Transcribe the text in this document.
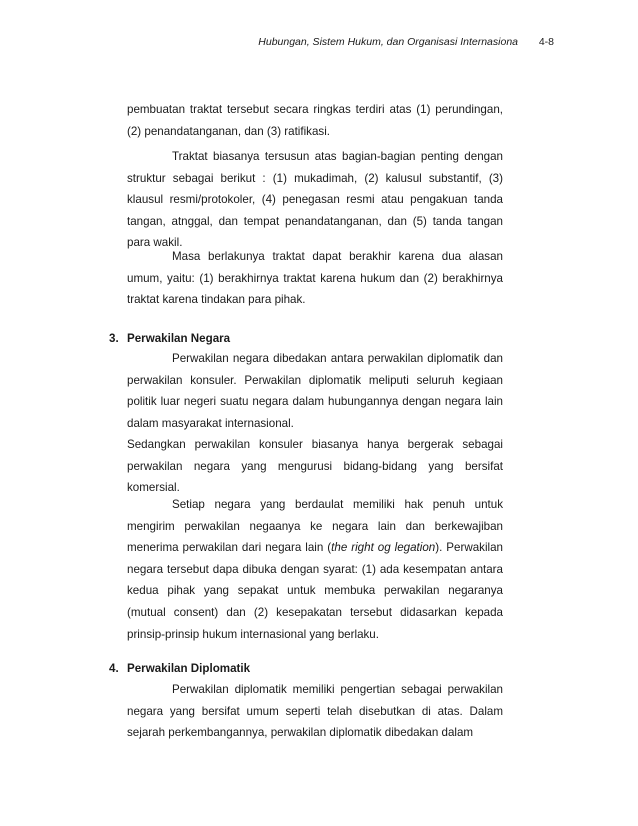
Hubungan, Sistem Hukum, dan Organisasi Internasiona 4-8

pembuatan traktat tersebut secara ringkas terdiri atas (1) perundingan, (2) penandatanganan, dan (3) ratifikasi.

Traktat biasanya tersusun atas bagian-bagian penting dengan struktur sebagai berikut : (1) mukadimah, (2) kalusul substantif, (3) klausul resmi/protokoler, (4) penegasan resmi atau pengakuan tanda tangan, atnggal, dan tempat penandatanganan, dan (5) tanda tangan para wakil.

Masa berlakunya traktat dapat berakhir karena dua alasan umum, yaitu: (1) berakhirnya traktat karena hukum dan (2) berakhirnya traktat karena tindakan para pihak.

3. Perwakilan Negara

Perwakilan negara dibedakan antara perwakilan diplomatik dan perwakilan konsuler. Perwakilan diplomatik meliputi seluruh kegiaan politik luar negeri suatu negara dalam hubungannya dengan negara lain dalam masyarakat internasional.

Sedangkan perwakilan konsuler biasanya hanya bergerak sebagai perwakilan negara yang mengurusi bidang-bidang yang bersifat komersial.

Setiap negara yang berdaulat memiliki hak penuh untuk mengirim perwakilan negaanya ke negara lain dan berkewajiban menerima perwakilan dari negara lain (the right og legation). Perwakilan negara tersebut dapa dibuka dengan syarat: (1) ada kesempatan antara kedua pihak yang sepakat untuk membuka perwakilan negaranya (mutual consent) dan (2) kesepakatan tersebut didasarkan kepada prinsip-prinsip hukum internasional yang berlaku.

4. Perwakilan Diplomatik

Perwakilan diplomatik memiliki pengertian sebagai perwakilan negara yang bersifat umum seperti telah disebutkan di atas. Dalam sejarah perkembangannya, perwakilan diplomatik dibedakan dalam
